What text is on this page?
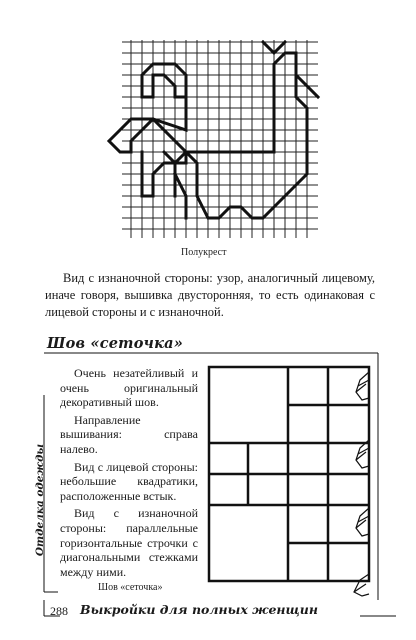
Полукрест
Вид с изнаночной стороны: узор, аналогичный лицевому, иначе говоря, вышивка двусторонняя, то есть одинаковая с лицевой стороны и с изнаночной.
Шов «сеточка»

Очень незатейливый и очень оригинальный декоративный шов.

Направление вышивания: справа налево.

Вид с лицевой стороны: небольшие квадратики, расположенные встык.

Вид с изнаночной стороны: параллельные горизонтальные строчки с диагональными стежками между ними.

Шов «сеточка»
Отделка одежды
288 Выкройки для полных женщин
